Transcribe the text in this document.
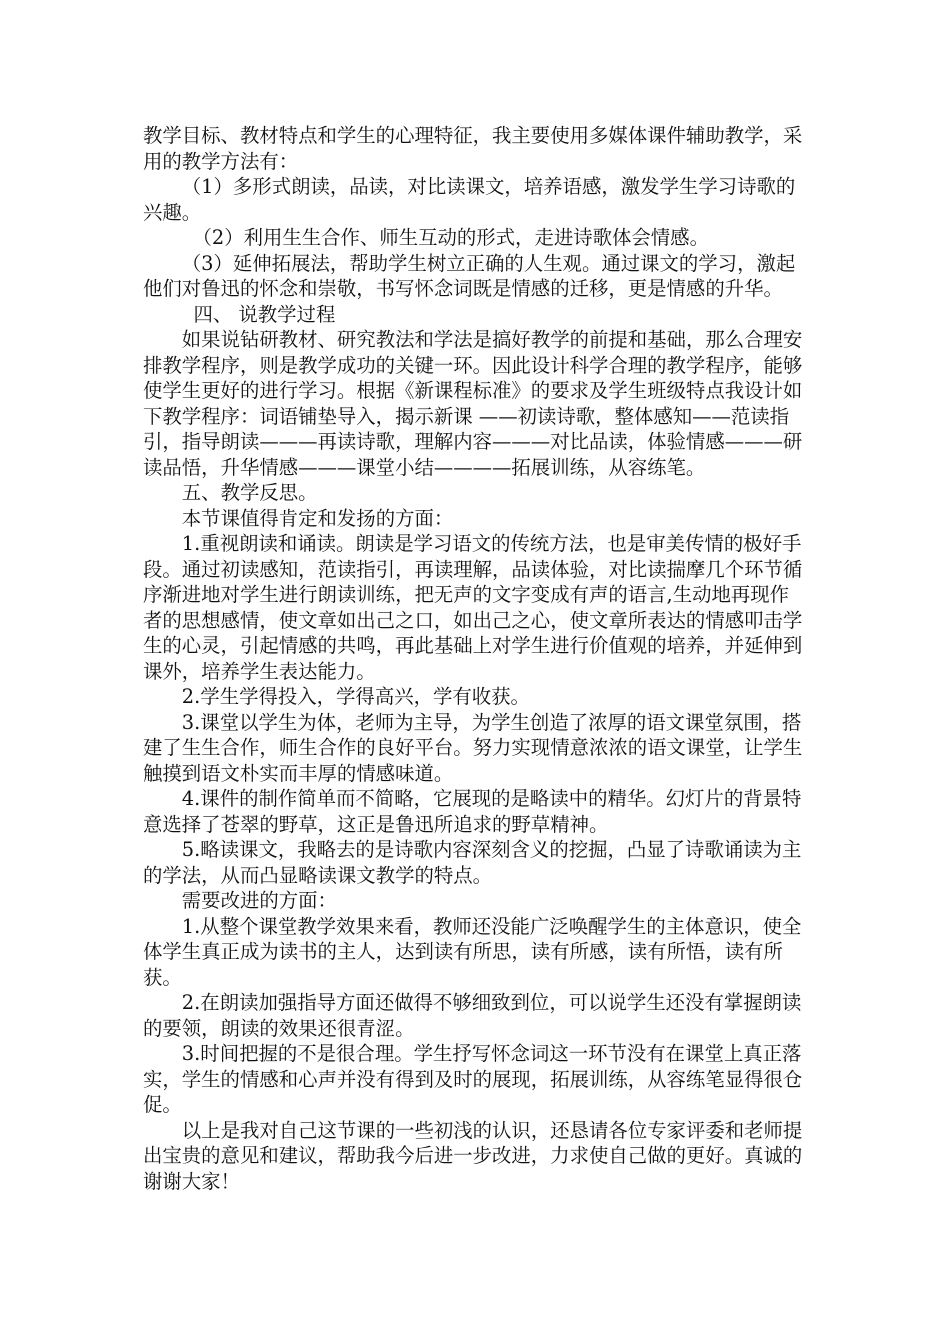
教学目标、教材特点和学生的心理特征，我主要使用多媒体课件辅助教学，采用的教学方法有：

（1）多形式朗读，品读，对比读课文，培养语感，激发学生学习诗歌的兴趣。

（2）利用生生合作、师生互动的形式，走进诗歌体会情感。

（3）延伸拓展法，帮助学生树立正确的人生观。通过课文的学习，激起他们对鲁迅的怀念和崇敬，书写怀念词既是情感的迁移，更是情感的升华。

四、 说教学过程

如果说钻研教材、研究教法和学法是搞好教学的前提和基础，那么合理安排教学程序，则是教学成功的关键一环。因此设计科学合理的教学程序，能够使学生更好的进行学习。根据《新课程标准》的要求及学生班级特点我设计如下教学程序：词语铺垫导入，揭示新课 ——初读诗歌，整体感知——范读指引，指导朗读———再读诗歌，理解内容———对比品读，体验情感———研读品悟，升华情感———课堂小结————拓展训练，从容练笔。

五、教学反思。

本节课值得肯定和发扬的方面：

1.重视朗读和诵读。朗读是学习语文的传统方法，也是审美传情的极好手段。通过初读感知，范读指引，再读理解，品读体验，对比读揣摩几个环节循序渐进地对学生进行朗读训练，把无声的文字变成有声的语言,生动地再现作者的思想感情，使文章如出己之口，如出己之心，使文章所表达的情感叩击学生的心灵，引起情感的共鸣，再此基础上对学生进行价值观的培养，并延伸到课外，培养学生表达能力。

2.学生学得投入，学得高兴，学有收获。

3.课堂以学生为体，老师为主导，为学生创造了浓厚的语文课堂氛围，搭建了生生合作，师生合作的良好平台。努力实现情意浓浓的语文课堂，让学生触摸到语文朴实而丰厚的情感味道。

4.课件的制作简单而不简略，它展现的是略读中的精华。幻灯片的背景特意选择了苍翠的野草，这正是鲁迅所追求的野草精神。

5.略读课文，我略去的是诗歌内容深刻含义的挖掘，凸显了诗歌诵读为主的学法，从而凸显略读课文教学的特点。

需要改进的方面：

1.从整个课堂教学效果来看，教师还没能广泛唤醒学生的主体意识，使全体学生真正成为读书的主人，达到读有所思，读有所感，读有所悟，读有所获。

2.在朗读加强指导方面还做得不够细致到位，可以说学生还没有掌握朗读的要领，朗读的效果还很青涩。

3.时间把握的不是很合理。学生抒写怀念词这一环节没有在课堂上真正落实，学生的情感和心声并没有得到及时的展现，拓展训练，从容练笔显得很仓促。

以上是我对自己这节课的一些初浅的认识，还恳请各位专家评委和老师提出宝贵的意见和建议，帮助我今后进一步改进，力求使自己做的更好。真诚的谢谢大家！
